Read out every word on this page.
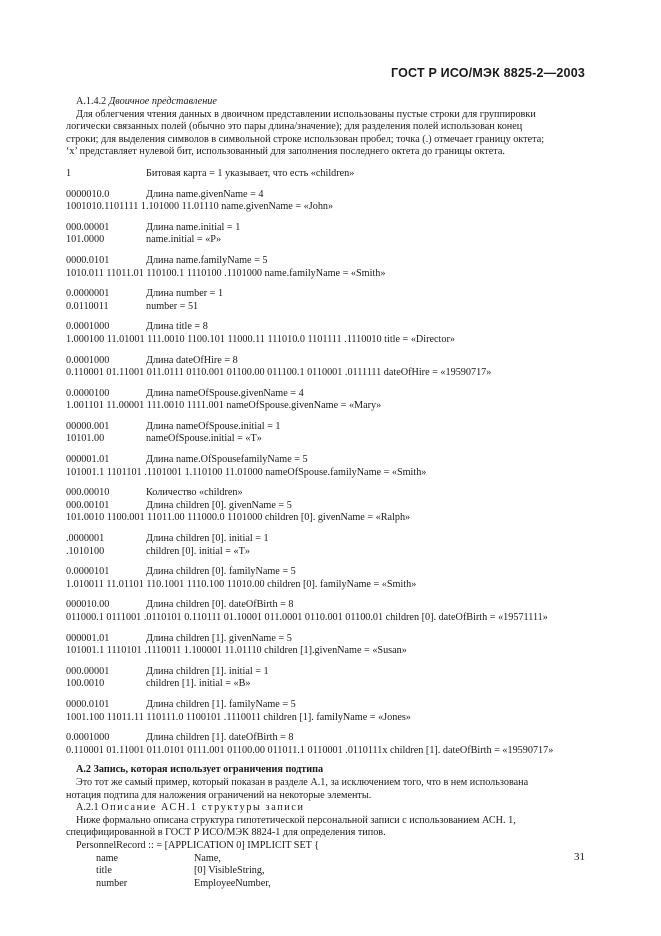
ГОСТ Р ИСО/МЭК 8825-2—2003
A.1.4.2 Двоичное представление
Для облегчения чтения данных в двоичном представлении использованы пустые строки для группировки
логически связанных полей (обычно это пары длина/значение); для разделения полей использован конец
строки; для выделения символов в символьной строке использован пробел; точка (.) отмечает границу октета;
‘x’ представляет нулевой бит, использованный для заполнения последнего октета до границы октета.
1	Битовая карта = 1 указывает, что есть «children»
0000010.0	Длина name.givenName = 4
1001010.1101111 1.101000 11.01110 name.givenName = «John»
000.00001	Длина name.initial = 1
101.0000	name.initial = «P»
0000.0101	Длина name.familyName = 5
1010.011 11011.01 110100.1 1110100 .1101000 name.familyName = «Smith»
0.0000001	Длина number = 1
0.0110011	number = 51
0.0001000	Длина title = 8
1.000100 11.01001 111.0010 1100.101 11000.11 111010.0 1101111 .1110010 title = «Director»
0.0001000	Длина dateOfHire = 8
0.110001 01.11001 011.0111 0110.001 01100.00 011100.1 0110001 .0111111 dateOfHire = «19590717»
0.0000100	Длина nameOfSpouse.givenName = 4
1.001101 11.00001 111.0010 1111.001 nameOfSpouse.givenName = «Mary»
00000.001	Длина nameOfSpouse.initial = 1
10101.00	nameOfSpouse.initial = «T»
000001.01	Длина name.OfSpousefamilyName = 5
101001.1 1101101 .1101001 1.110100 11.01000 nameOfSpouse.familyName = «Smith»
000.00010	Количество «children»
000.00101	Длина children [0]. givenName = 5
101.0010 1100.001 11011.00 111000.0 1101000 children [0]. givenName = «Ralph»
.0000001	Длина children [0]. initial = 1
.1010100	children [0]. initial = «T»
0.0000101	Длина children [0]. familyName = 5
1.010011 11.01101 110.1001 1110.100 11010.00 children [0]. familyName = «Smith»
000010.00	Длина children [0]. dateOfBirth = 8
011000.1 0111001 .0110101 0.110111 01.10001 011.0001 0110.001 01100.01 children [0]. dateOfBirth = «19571111»
000001.01	Длина children [1]. givenName = 5
101001.1 1110101 .1110011 1.100001 11.01110 children [1].givenName = «Susan»
000.00001	Длина children [1]. initial = 1
100.0010	children [1]. initial = «B»
0000.0101	Длина children [1]. familyName = 5
1001.100 11011.11 110111.0 1100101 .1110011 children [1]. familyName = «Jones»
0.0001000	Длина children [1]. dateOfBirth = 8
0.110001 01.11001 011.0101 0111.001 01100.00 011011.1 0110001 .0110111x children [1]. dateOfBirth = «19590717»
A.2 Запись, которая использует ограничения подтипа
Это тот же самый пример, который показан в разделе A.1, за исключением того, что в нем использована
нотация подтипа для наложения ограничений на некоторые элементы.
A.2.1 Описание АСН.1 структуры записи
Ниже формально описана структура гипотетической персональной записи с использованием АСН. 1,
специфицированной в ГОСТ Р ИСО/МЭК 8824-1 для определения типов.
PersonnelRecord :: = [APPLICATION 0] IMPLICIT SET {
name	Name,
title	[0] VisibleString,
number	EmployeeNumber,
31
